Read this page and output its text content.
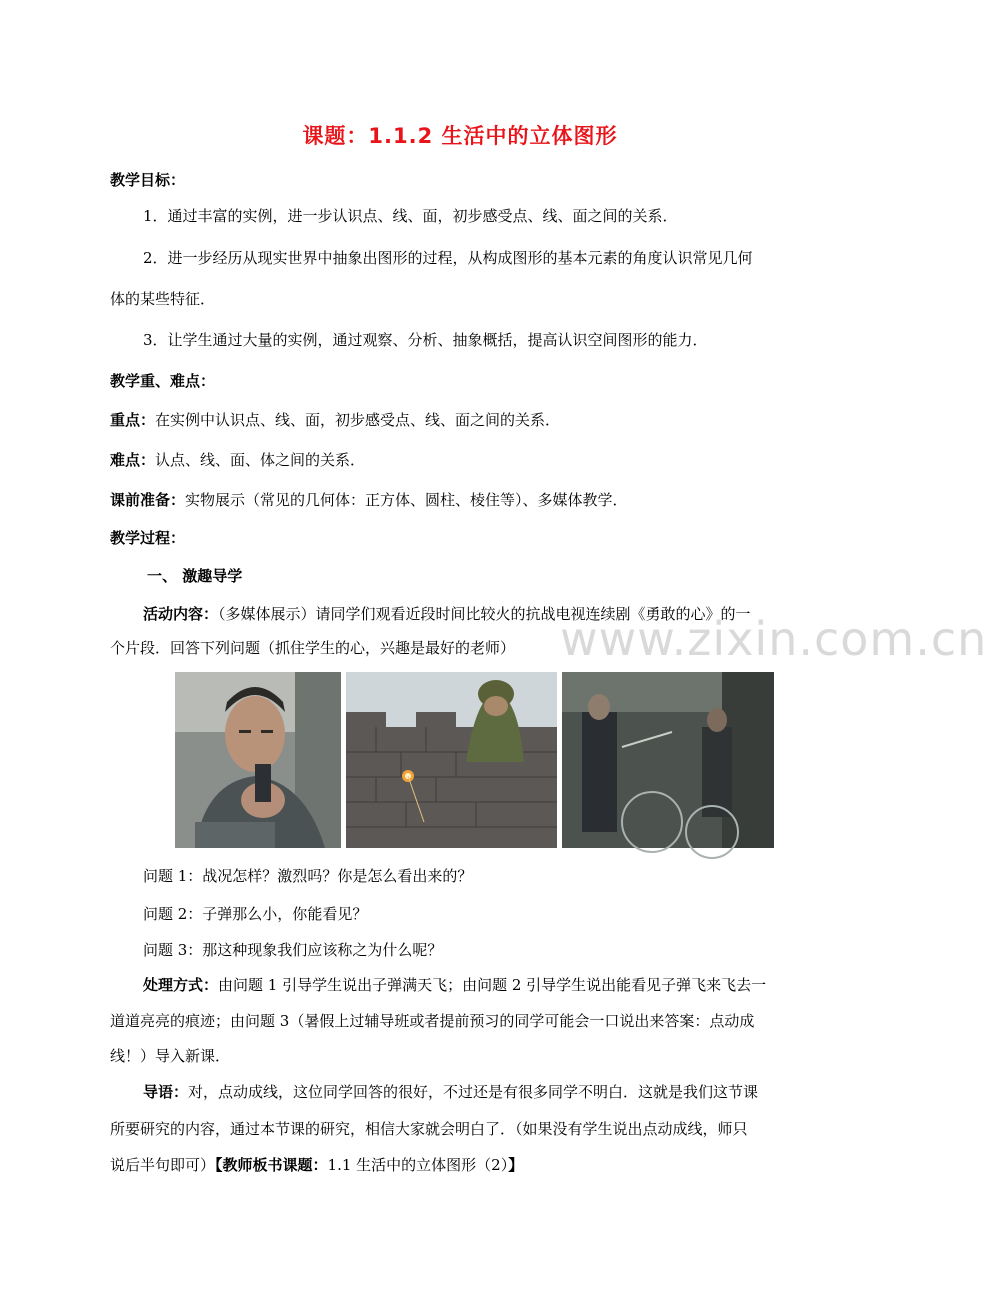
课题：1.1.2 生活中的立体图形
教学目标：
1．通过丰富的实例，进一步认识点、线、面，初步感受点、线、面之间的关系．
2．进一步经历从现实世界中抽象出图形的过程，从构成图形的基本元素的角度认识常见几何
体的某些特征．
3．让学生通过大量的实例，通过观察、分析、抽象概括，提高认识空间图形的能力．
教学重、难点：
重点：在实例中认识点、线、面，初步感受点、线、面之间的关系．
难点：认点、线、面、体之间的关系．
课前准备：实物展示（常见的几何体：正方体、圆柱、棱住等）、多媒体教学．
教学过程：
一、 激趣导学
www.zixin.com.cn
活动内容：（多媒体展示）请同学们观看近段时间比较火的抗战电视连续剧《勇敢的心》的一
个片段．回答下列问题（抓住学生的心，兴趣是最好的老师）
问题 1：战况怎样？激烈吗？你是怎么看出来的？
问题 2：子弹那么小，你能看见？
问题 3：那这种现象我们应该称之为什么呢？
处理方式：由问题 1 引导学生说出子弹满天飞；由问题 2 引导学生说出能看见子弹飞来飞去一
道道亮亮的痕迹；由问题 3（暑假上过辅导班或者提前预习的同学可能会一口说出来答案：点动成
线！）导入新课．
导语：对，点动成线，这位同学回答的很好，不过还是有很多同学不明白．这就是我们这节课
所要研究的内容，通过本节课的研究，相信大家就会明白了．（如果没有学生说出点动成线，师只
说后半句即可）【教师板书课题：1.1 生活中的立体图形（2）】
